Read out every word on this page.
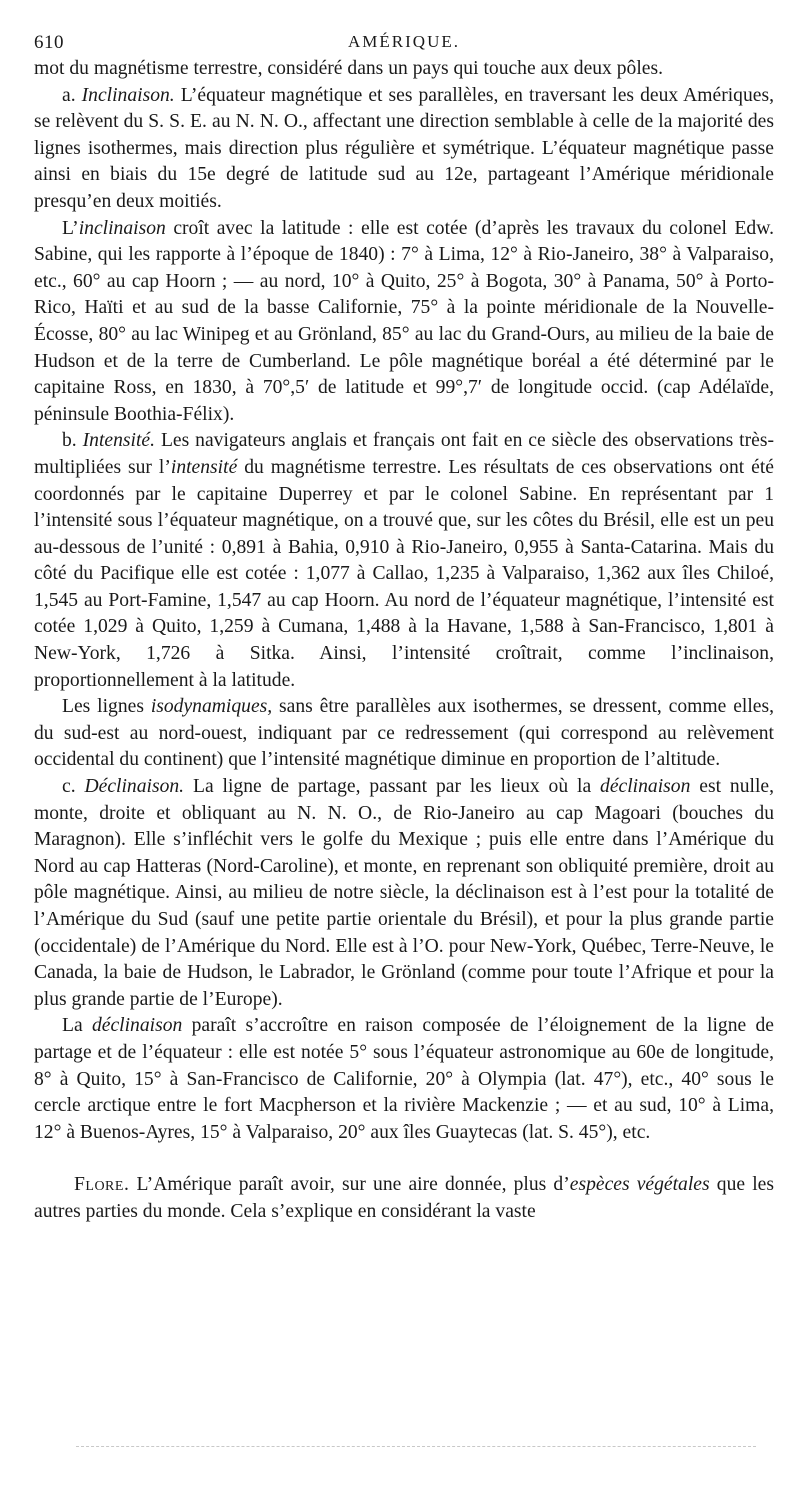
610	AMÉRIQUE.

mot du magnétisme terrestre, considéré dans un pays qui touche aux deux pôles.

a. Inclinaison. L’équateur magnétique et ses parallèles, en traversant les deux Amériques, se relèvent du S. S. E. au N. N. O., affectant une direction semblable à celle de la majorité des lignes isothermes, mais direction plus régulière et symétrique. L’équateur magnétique passe ainsi en biais du 15e degré de latitude sud au 12e, partageant l’Amérique méridionale presqu’en deux moitiés.

L’inclinaison croît avec la latitude : elle est cotée (d’après les travaux du colonel Edw. Sabine, qui les rapporte à l’époque de 1840) : 7° à Lima, 12° à Rio-Janeiro, 38° à Valparaiso, etc., 60° au cap Hoorn ; — au nord, 10° à Quito, 25° à Bogota, 30° à Panama, 50° à Porto-Rico, Haïti et au sud de la basse Californie, 75° à la pointe méridionale de la Nouvelle-Écosse, 80° au lac Winipeg et au Grönland, 85° au lac du Grand-Ours, au milieu de la baie de Hudson et de la terre de Cumberland. Le pôle magnétique boréal a été déterminé par le capitaine Ross, en 1830, à 70°,5′ de latitude et 99°,7′ de longitude occid. (cap Adélaïde, péninsule Boothia-Félix).

b. Intensité. Les navigateurs anglais et français ont fait en ce siècle des observations très-multipliées sur l’intensité du magnétisme terrestre. Les résultats de ces observations ont été coordonnés par le capitaine Duperrey et par le colonel Sabine. En représentant par 1 l’intensité sous l’équateur magnétique, on a trouvé que, sur les côtes du Brésil, elle est un peu au-dessous de l’unité : 0,891 à Bahia, 0,910 à Rio-Janeiro, 0,955 à Santa-Catarina. Mais du côté du Pacifique elle est cotée : 1,077 à Callao, 1,235 à Valparaiso, 1,362 aux îles Chiloé, 1,545 au Port-Famine, 1,547 au cap Hoorn. Au nord de l’équateur magnétique, l’intensité est cotée 1,029 à Quito, 1,259 à Cumana, 1,488 à la Havane, 1,588 à San-Francisco, 1,801 à New-York, 1,726 à Sitka. Ainsi, l’intensité croîtrait, comme l’inclinaison, proportionnellement à la latitude.

Les lignes isodynamiques, sans être parallèles aux isothermes, se dressent, comme elles, du sud-est au nord-ouest, indiquant par ce redressement (qui correspond au relèvement occidental du continent) que l’intensité magnétique diminue en proportion de l’altitude.

c. Déclinaison. La ligne de partage, passant par les lieux où la déclinaison est nulle, monte, droite et obliquant au N. N. O., de Rio-Janeiro au cap Magoari (bouches du Maragnon). Elle s’infléchit vers le golfe du Mexique ; puis elle entre dans l’Amérique du Nord au cap Hatteras (Nord-Caroline), et monte, en reprenant son obliquité première, droit au pôle magnétique. Ainsi, au milieu de notre siècle, la déclinaison est à l’est pour la totalité de l’Amérique du Sud (sauf une petite partie orientale du Brésil), et pour la plus grande partie (occidentale) de l’Amérique du Nord. Elle est à l’O. pour New-York, Québec, Terre-Neuve, le Canada, la baie de Hudson, le Labrador, le Grönland (comme pour toute l’Afrique et pour la plus grande partie de l’Europe).

La déclinaison paraît s’accroître en raison composée de l’éloignement de la ligne de partage et de l’équateur : elle est notée 5° sous l’équateur astronomique au 60e de longitude, 8° à Quito, 15° à San-Francisco de Californie, 20° à Olympia (lat. 47°), etc., 40° sous le cercle arctique entre le fort Macpherson et la rivière Mackenzie ; — et au sud, 10° à Lima, 12° à Buenos-Ayres, 15° à Valparaiso, 20° aux îles Guaytecas (lat. S. 45°), etc.

Flore. L’Amérique paraît avoir, sur une aire donnée, plus d’espèces végétales que les autres parties du monde. Cela s’explique en considérant la vaste
